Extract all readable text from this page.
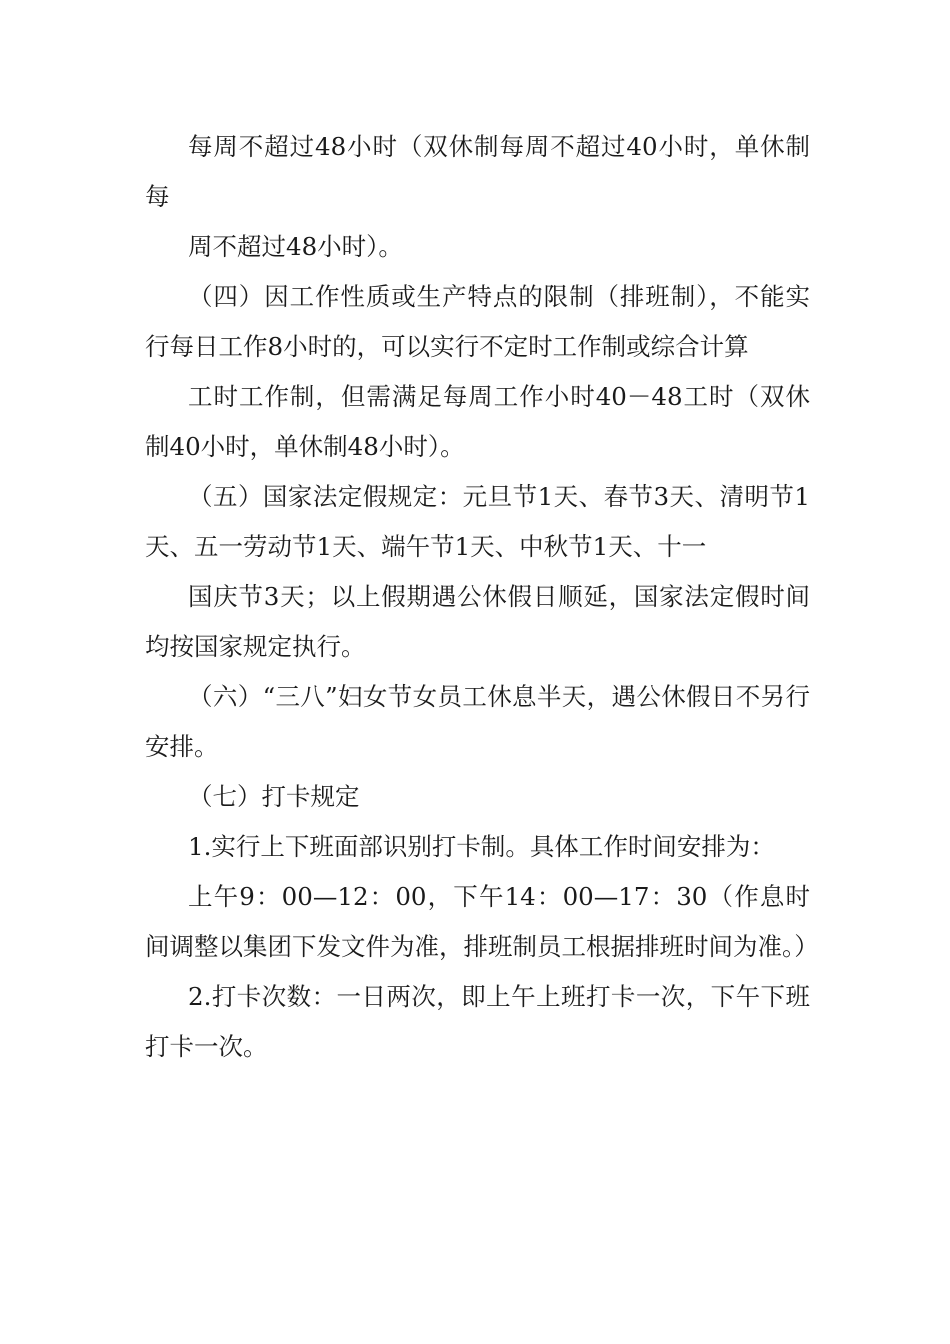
每周不超过48小时（双休制每周不超过40小时，单休制每

周不超过48小时）。

（四）因工作性质或生产特点的限制（排班制），不能实行每日工作8小时的，可以实行不定时工作制或综合计算

工时工作制，但需满足每周工作小时40－48工时（双休制40小时，单休制48小时）。

（五）国家法定假规定：元旦节1天、春节3天、清明节1天、五一劳动节1天、端午节1天、中秋节1天、十一

国庆节3天；以上假期遇公休假日顺延，国家法定假时间均按国家规定执行。

（六）“三八”妇女节女员工休息半天，遇公休假日不另行安排。

（七）打卡规定

1.实行上下班面部识别打卡制。具体工作时间安排为：

上午9：00—12：00，下午14：00—17：30（作息时间调整以集团下发文件为准，排班制员工根据排班时间为准。）

2.打卡次数：一日两次，即上午上班打卡一次，下午下班打卡一次。
